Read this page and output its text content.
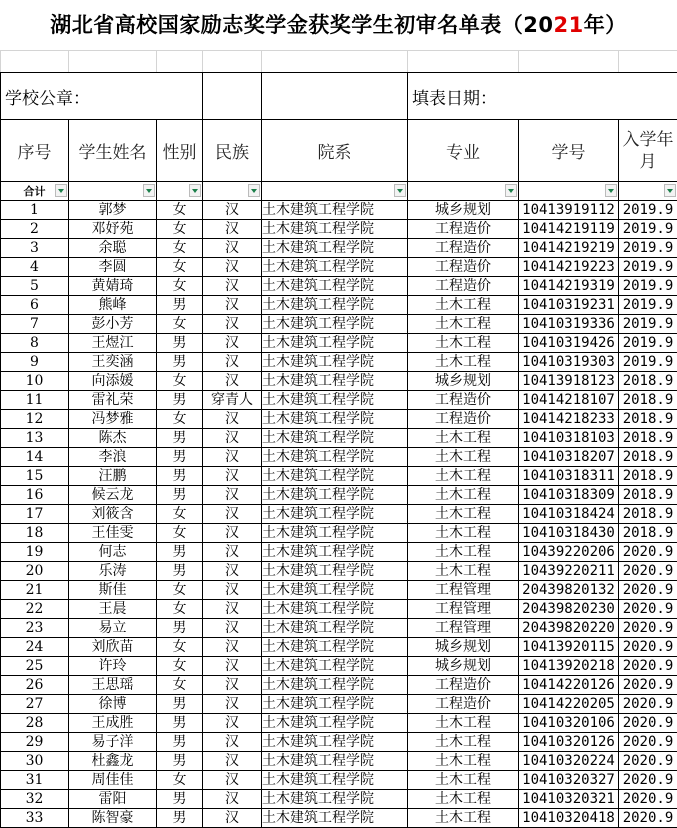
湖北省高校国家励志奖学金获奖学生初审名单表（2021年）

学校公章：					填表日期：		
序号	学生姓名	性别	民族	院系	专业	学号	入学年月
合计

1	郭梦	女	汉	土木建筑工程学院	城乡规划	10413919112	2019.9
2	邓妤苑	女	汉	土木建筑工程学院	工程造价	10414219119	2019.9
3	余聪	女	汉	土木建筑工程学院	工程造价	10414219219	2019.9
4	李圆	女	汉	土木建筑工程学院	工程造价	10414219223	2019.9
5	黄婧琦	女	汉	土木建筑工程学院	工程造价	10414219319	2019.9
6	熊峰	男	汉	土木建筑工程学院	土木工程	10410319231	2019.9
7	彭小芳	女	汉	土木建筑工程学院	土木工程	10410319336	2019.9
8	王煜江	男	汉	土木建筑工程学院	土木工程	10410319426	2019.9
9	王奕涵	男	汉	土木建筑工程学院	土木工程	10410319303	2019.9
10	向添媛	女	汉	土木建筑工程学院	城乡规划	10413918123	2018.9
11	雷礼荣	男	穿青人	土木建筑工程学院	工程造价	10414218107	2018.9
12	冯梦雅	女	汉	土木建筑工程学院	工程造价	10414218233	2018.9
13	陈杰	男	汉	土木建筑工程学院	土木工程	10410318103	2018.9
14	李浪	男	汉	土木建筑工程学院	土木工程	10410318207	2018.9
15	汪鹏	男	汉	土木建筑工程学院	土木工程	10410318311	2018.9
16	候云龙	男	汉	土木建筑工程学院	土木工程	10410318309	2018.9
17	刘筱含	女	汉	土木建筑工程学院	土木工程	10410318424	2018.9
18	王佳雯	女	汉	土木建筑工程学院	土木工程	10410318430	2018.9
19	何志	男	汉	土木建筑工程学院	土木工程	10439220206	2020.9
20	乐涛	男	汉	土木建筑工程学院	土木工程	10439220211	2020.9
21	斯佳	女	汉	土木建筑工程学院	工程管理	20439820132	2020.9
22	王晨	女	汉	土木建筑工程学院	工程管理	20439820230	2020.9
23	易立	男	汉	土木建筑工程学院	工程管理	20439820220	2020.9
24	刘欣苗	女	汉	土木建筑工程学院	城乡规划	10413920115	2020.9
25	许玲	女	汉	土木建筑工程学院	城乡规划	10413920218	2020.9
26	王思瑶	女	汉	土木建筑工程学院	工程造价	10414220126	2020.9
27	徐博	男	汉	土木建筑工程学院	工程造价	10414220205	2020.9
28	王成胜	男	汉	土木建筑工程学院	土木工程	10410320106	2020.9
29	易子洋	男	汉	土木建筑工程学院	土木工程	10410320126	2020.9
30	杜鑫龙	男	汉	土木建筑工程学院	土木工程	10410320224	2020.9
31	周佳佳	女	汉	土木建筑工程学院	土木工程	10410320327	2020.9
32	雷阳	男	汉	土木建筑工程学院	土木工程	10410320321	2020.9
33	陈智豪	男	汉	土木建筑工程学院	土木工程	10410320418	2020.9
